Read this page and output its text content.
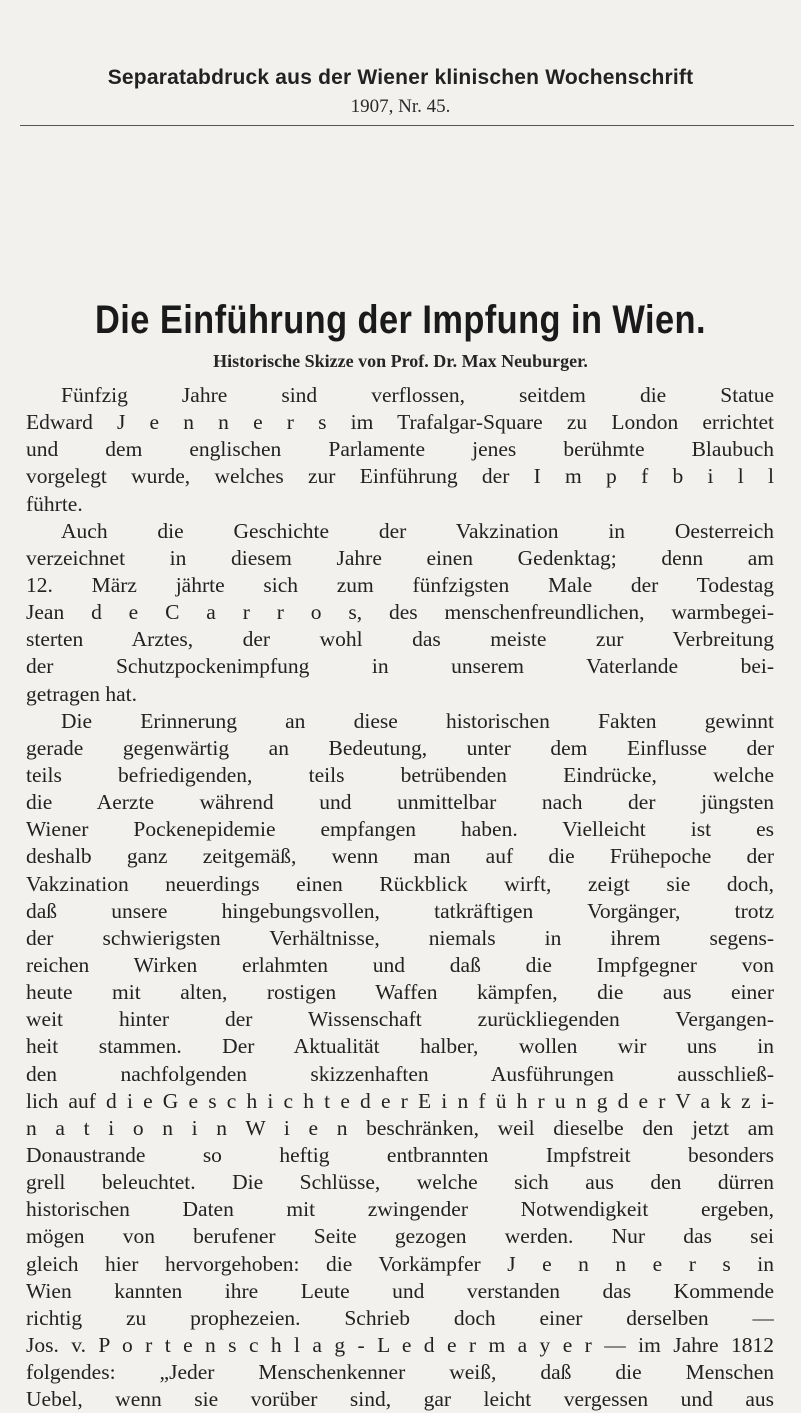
Separatabdruck aus der Wiener klinischen Wochenschrift
1907, Nr. 45.
Die Einführung der Impfung in Wien.
Historische Skizze von Prof. Dr. Max Neuburger.
Fünfzig Jahre sind verflossen, seitdem die Statue
Edward J e n n e r s im Trafalgar-Square zu London errichtet
und dem englischen Parlamente jenes berühmte Blaubuch
vorgelegt wurde, welches zur Einführung der I m p f b i l l
führte.
Auch die Geschichte der Vakzination in Oesterreich
verzeichnet in diesem Jahre einen Gedenktag; denn am
12. März jährte sich zum fünfzigsten Male der Todestag
Jean d e C a r r o s, des menschenfreundlichen, warmbegei-
sterten Arztes, der wohl das meiste zur Verbreitung
der Schutzpockenimpfung in unserem Vaterlande bei-
getragen hat.
Die Erinnerung an diese historischen Fakten gewinnt
gerade gegenwärtig an Bedeutung, unter dem Einflusse der
teils befriedigenden, teils betrübenden Eindrücke, welche
die Aerzte während und unmittelbar nach der jüngsten
Wiener Pockenepidemie empfangen haben. Vielleicht ist es
deshalb ganz zeitgemäß, wenn man auf die Frühepoche der
Vakzination neuerdings einen Rückblick wirft, zeigt sie doch,
daß unsere hingebungsvollen, tatkräftigen Vorgänger, trotz
der schwierigsten Verhältnisse, niemals in ihrem segens-
reichen Wirken erlahmten und daß die Impfgegner von
heute mit alten, rostigen Waffen kämpfen, die aus einer
weit hinter der Wissenschaft zurückliegenden Vergangen-
heit stammen. Der Aktualität halber, wollen wir uns in
den nachfolgenden skizzenhaften Ausführungen ausschließ-
lich auf d i e G e s c h i c h t e d e r E i n f ü h r u n g d e r V a k z i-
n a t i o n i n W i e n beschränken, weil dieselbe den jetzt am
Donaustrande so heftig entbrannten Impfstreit besonders
grell beleuchtet. Die Schlüsse, welche sich aus den dürren
historischen Daten mit zwingender Notwendigkeit ergeben,
mögen von berufener Seite gezogen werden. Nur das sei
gleich hier hervorgehoben: die Vorkämpfer J e n n e r s in
Wien kannten ihre Leute und verstanden das Kommende
richtig zu prophezeien. Schrieb doch einer derselben —
Jos. v. P o r t e n s c h l a g - L e d e r m a y e r — im Jahre 1812
folgendes: „Jeder Menschenkenner weiß, daß die Menschen
Uebel, wenn sie vorüber sind, gar leicht vergessen und aus
